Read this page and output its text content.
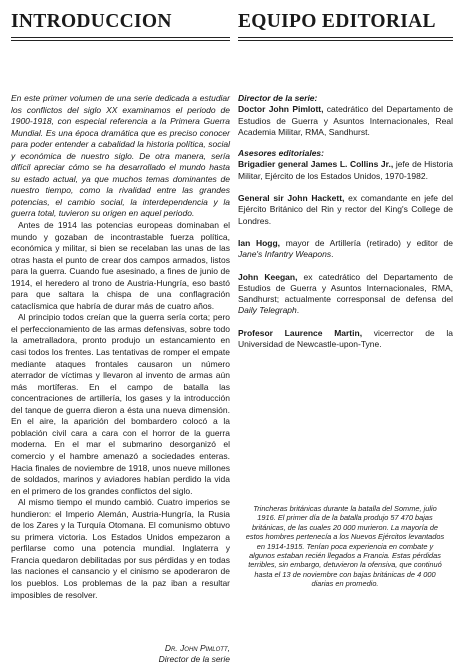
INTRODUCCION

En este primer volumen de una serie dedicada a estudiar los conflictos del siglo XX examinamos el periodo de 1900-1918, con especial referencia a la Primera Guerra Mundial. Es una época dramática que es preciso conocer para poder entender a cabalidad la historia política, social y económica de nuestro siglo. De otra manera, sería difícil apreciar cómo se ha desarrollado el mundo hasta su estado actual, ya que muchos temas dominantes de nuestro tiempo, como la rivalidad entre las grandes potencias, el cambio social, la interdependencia y la guerra total, tuvieron su origen en aquel periodo.

Antes de 1914 las potencias europeas dominaban el mundo y gozaban de incontrastable fuerza política, económica y militar, si bien se recelaban las unas de las otras hasta el punto de crear dos campos armados, listos para la guerra. Cuando fue asesinado, a fines de junio de 1914, el heredero al trono de Austria-Hungría, eso bastó para que saltara la chispa de una conflagración cataclísmica que habría de durar más de cuatro años.

Al principio todos creían que la guerra sería corta; pero el perfeccionamiento de las armas defensivas, sobre todo la ametralladora, pronto produjo un estancamiento en casi todos los frentes. Las tentativas de romper el empate mediante ataques frontales causaron un número aterrador de víctimas y llevaron al invento de armas aún más mortíferas. En el campo de batalla las concentraciones de artillería, los gases y la introducción del tanque de guerra dieron a ésta una nueva dimensión. En el aire, la aparición del bombardero colocó a la población civil cara a cara con el horror de la guerra moderna. En el mar el submarino desorganizó el comercio y el hambre amenazó a sociedades enteras. Hacia finales de noviembre de 1918, unos nueve millones de soldados, marinos y aviadores habían perdido la vida en el primero de los grandes conflictos del siglo.

Al mismo tiempo el mundo cambió. Cuatro imperios se hundieron: el Imperio Alemán, Austria-Hungría, la Rusia de los Zares y la Turquía Otomana. El comunismo obtuvo su primera victoria. Los Estados Unidos empezaron a perfilarse como una potencia mundial. Inglaterra y Francia quedaron debilitadas por sus pérdidas y en todas las naciones el cansancio y el cinismo se apoderaron de los pueblos. Los problemas de la paz iban a resultar imposibles de resolver.

Dr. John Pimlott,
Director de la serie
EQUIPO EDITORIAL
Director de la serie:
Doctor John Pimlott, catedrático del Departamento de Estudios de Guerra y Asuntos Internacionales, Real Academia Militar, RMA, Sandhurst.
Asesores editoriales:
Brigadier general James L. Collins Jr., jefe de Historia Militar, Ejército de los Estados Unidos, 1970-1982.
General sir John Hackett, ex comandante en jefe del Ejército Británico del Rin y rector del King's College de Londres.
Ian Hogg, mayor de Artillería (retirado) y editor de Jane's Infantry Weapons.
John Keegan, ex catedrático del Departamento de Estudios de Guerra y Asuntos Internacionales, RMA, Sandhurst; actualmente corresponsal de defensa del Daily Telegraph.
Profesor Laurence Martin, vicerrector de la Universidad de Newcastle-upon-Tyne.
Trincheras británicas durante la batalla del Somme, julio 1916. El primer día de la batalla produjo 57 470 bajas británicas, de las cuales 20 000 murieron. La mayoría de estos hombres pertenecía a los Nuevos Ejércitos levantados en 1914-1915. Tenían poca experiencia en combate y algunos estaban recién llegados a Francia. Estas pérdidas terribles, sin embargo, detuvieron la ofensiva, que continuó hasta el 13 de noviembre con bajas británicas de 4 000 diarias en promedio.
